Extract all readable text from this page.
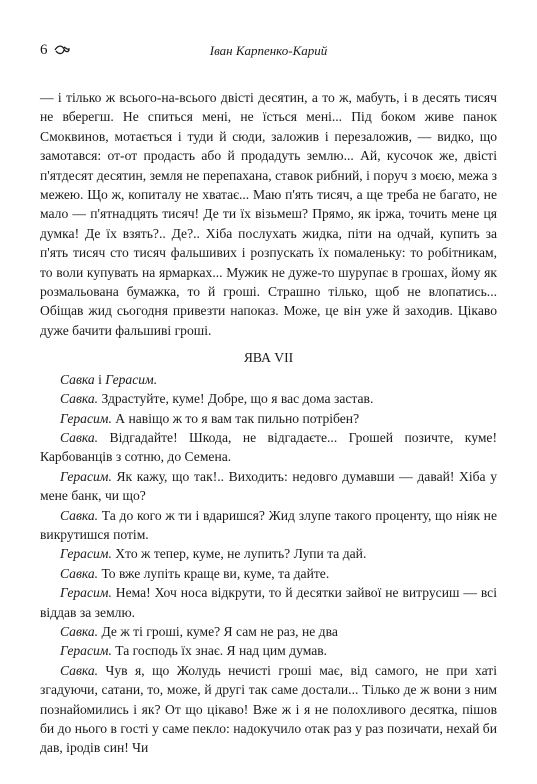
6	Іван Карпенко-Карий

— і тілько ж всього-на-всього двісті десятин, а то ж, мабуть, і в десять тисяч не вберегш. Не спиться мені, не їсться мені... Під боком живе панок Смоквинов, мотається і туди й сюди, заложив і перезаложив, — видко, що замотався: от-от продасть або й продадуть землю... Ай, кусочок же, двісті п'ятдесят десятин, земля не перепахана, ставок рибний, і поруч з моєю, межа з межею. Що ж, копиталу не хватає... Маю п'ять тисяч, а ще треба не багато, не мало — п'ятнадцять тисяч! Де ти їх візьмеш? Прямо, як іржа, точить мене ця думка! Де їх взять?.. Де?.. Хіба послухать жидка, піти на одчай, купить за п'ять тисяч сто тисяч фальшивих і розпускать їх помаленьку: то робітникам, то воли купувать на ярмарках... Мужик не дуже-то шурупає в грошах, йому як розмальована бумажка, то й гроші. Страшно тілько, щоб не влопатись... Обіщав жид сьогодня привезти напоказ. Може, це він уже й заходив. Цікаво дуже бачити фальшиві гроші.

ЯВА VII

Савка і Герасим.

Савка. Здрастуйте, куме! Добре, що я вас дома застав.

Герасим. А навіщо ж то я вам так пильно потрібен?

Савка. Відгадайте! Шкода, не відгадаєте... Грошей позичте, куме! Карбованців з сотню, до Семена.

Герасим. Як кажу, що так!.. Виходить: недовго думавши — давай! Хіба у мене банк, чи що?

Савка. Та до кого ж ти і вдаришся? Жид злупе такого проценту, що ніяк не викрутишся потім.

Герасим. Хто ж тепер, куме, не лупить? Лупи та дай.

Савка. То вже лупіть краще ви, куме, та дайте.

Герасим. Нема! Хоч носа відкрути, то й десятки зайвої не витрусиш — всі віддав за землю.

Савка. Де ж ті гроші, куме? Я сам не раз, не два

Герасим. Та господь їх знає. Я над цим думав.

Савка. Чув я, що Жолудь нечисті гроші має, від самого, не при хаті згадуючи, сатани, то, може, й другі так саме достали... Тілько де ж вони з ним познайомились і як? От що цікаво! Вже ж і я не полохливого десятка, пішов би до нього в гості у саме пекло: надокучило отак раз у раз позичати, нехай би дав, іродів син! Чи
